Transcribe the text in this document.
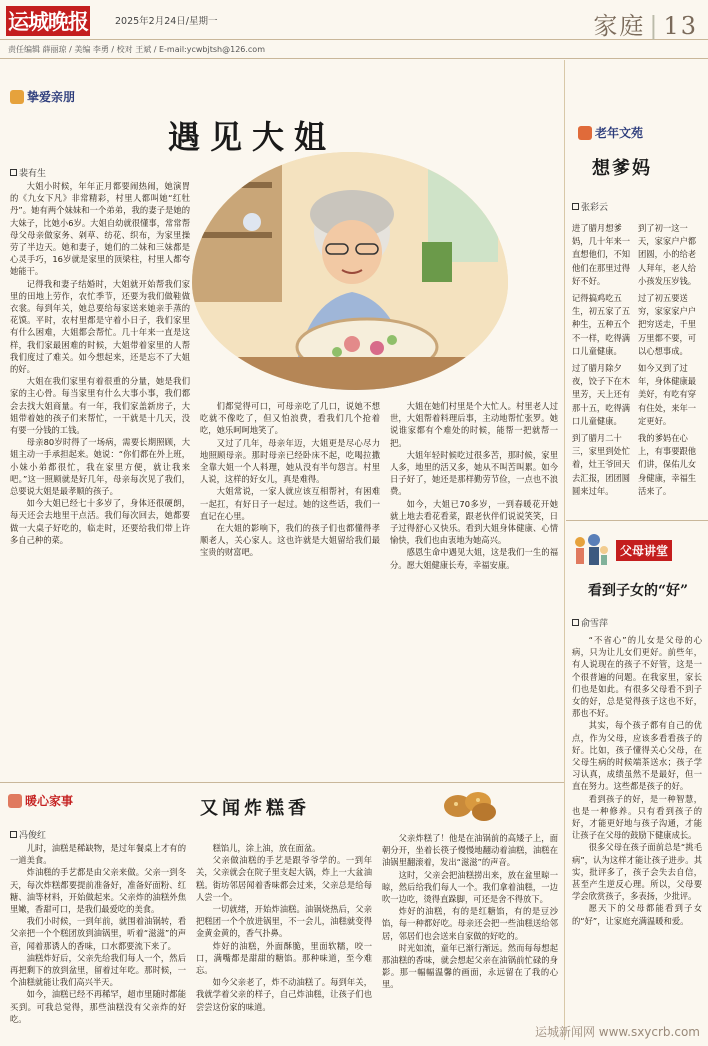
运城晚报	2025年2月24日/星期一	家庭 | 13
责任编辑 薛丽琼 / 美编 李勇 / 校对 王斌 / E-mail:ycwbjtsh@126.com
挚爱亲朋
遇见大姐
裴有生

大姐小时候，年年正月都要闹热闹，她演胃的《九女下凡》非常精彩，村里人都叫她“红牡丹”。她有两个妹妹和一个弟弟，我的妻子是她的大妹子，比她小6岁。大姐自幼就很懂事，常常帮母父母亲做家务、剁草、纺花、织布，为家里操劳了半边天。她和妻子，她们的二妹和三妹都是心灵手巧，16岁就是家里的顶梁柱，村里人都夸她能干。

记得我和妻子结婚时，大姐就开始帮我们家里的田地上劳作，农忙季节，还要为我们做鞋做衣裳。每到年关，她总要给每家送来她亲手蒸的花馍。平时，农村里都是守着小日子，我们家里有什么困难，大姐都会帮忙。几十年来一直是这样，我们家最困难的时候，大姐带着家里的人帮我们度过了难关。如今想起来，还是忘不了大姐的好。

大姐在我们家里有着很重的分量，她是我们家的主心骨。每当家里有什么大事小事，我们都会去找大姐商量。有一年，我们家盖新房子，大姐带着她的孩子们来帮忙，一干就是十几天，没有要一分钱的工钱。

母亲80岁时得了一场病，需要长期照顾，大姐主动一手承担起来。她说：“你们都在外上班，小妹小弟都很忙，我在家里方便，就让我来吧。”这一照顾就是好几年，母亲每次见了我们，总要说大姐是最孝顺的孩子。

如今大姐已经七十多岁了，身体还很硬朗，每天还会去地里干点活。我们每次回去，她都要做一大桌子好吃的，临走时，还要给我们带上许多自己种的菜。

们都觉得可口，可母亲吃了几口，说她不想吃就不像吃了，但又怕浪费，看我们几个抢着吃，她乐呵呵地笑了。

又过了几年，母亲年迈，大姐更是尽心尽力地照顾母亲。那时母亲已经卧床不起，吃喝拉撒全靠大姐一个人料理，她从没有半句怨言。村里人说，这样的好女儿，真是难得。

大姐常说，一家人就应该互相帮衬，有困难一起扛，有好日子一起过。她的这些话，我们一直记在心里。

在大姐的影响下，我们的孩子们也都懂得孝顺老人，关心家人。这也许就是大姐留给我们最宝贵的财富吧。

大姐在她们村里是个大忙人。村里老人过世，大姐帮着料理后事，主动地帮忙张罗。她说谁家都有个难处的时候，能帮一把就帮一把。

大姐年轻时候吃过很多苦，那时候，家里人多，地里的活又多，她从不叫苦叫累。如今日子好了，她还是那样勤劳节俭，一点也不浪费。

如今，大姐已70多岁，一到春暖花开她就上地去看花看菜，跟老伙伴们说说笑笑，日子过得舒心又快乐。看到大姐身体健康、心情愉快，我们也由衷地为她高兴。

感恩生命中遇见大姐，这是我们一生的福分。愿大姐健康长寿，幸福安康。

老年文苑
想爹妈
张彩云

进了腊月想爹妈，几十年来一直想他们，不知他们在那里过得好不好。

记得搞鸡吃五生，初五家了五种生，五种五个不一样，吃得满口儿童健康。

过了腊月除夕夜，饺子下在木里芳，天上还有那十五，吃得满口儿童健康。

到了腊月二十三，家里到处忙着，灶王爷回天去汇报，团团圆圆来过年。

到了初一这一天，家家户户都团圆，小的给老人拜年，老人给小孩发压岁钱。

过了初五要送穷，家家家户户把穷送走，千里万里都不要，可以心想事成。

如今又到了过年，身体健康最美好，有吃有穿有住处，来年一定更好。

我的爹妈在心上，有事要跟他们讲，保佑儿女身健康，幸福生活来了。

父母讲堂
看到子女的“好”
俞雪萍

“不省心”的儿女是父母的心病，只为让儿女们更好。前些年，有人说现在的孩子不好管，这是一个很普遍的问题。在我家里，家长们也是如此。有很多父母看不到子女的好，总是觉得孩子这也不好，那也不好。

其实，每个孩子都有自己的优点，作为父母，应该多看看孩子的好。比如，孩子懂得关心父母，在父母生病的时候端茶送水；孩子学习认真，成绩虽然不是最好，但一直在努力。这些都是孩子的好。

看到孩子的好，是一种智慧，也是一种修养。只有看到孩子的好，才能更好地与孩子沟通，才能让孩子在父母的鼓励下健康成长。

很多父母在孩子面前总是“挑毛病”，认为这样才能让孩子进步。其实，批评多了，孩子会失去自信，甚至产生逆反心理。所以，父母要学会欣赏孩子，多表扬，少批评。

愿天下的父母都能看到子女的“好”，让家庭充满温暖和爱。

暖心家事	又闻炸糕香
冯俊红

儿时，油糕是稀缺物，是过年餐桌上才有的一道美食。

炸油糕的手艺都是由父亲来做。父亲一到冬天，每次炸糕都要提前准备好，准备好面粉、红糖、油等材料，开始做起来。父亲炸的油糕外焦里嫩，香甜可口，是我们最爱吃的美食。

我们小时候，一到年前，就围着油锅转，看父亲把一个个糕团放到油锅里，听着“滋滋”的声音，闻着那诱人的香味，口水都要流下来了。

油糕炸好后，父亲先给我们每人一个，然后再把剩下的放到盆里，留着过年吃。那时候，一个油糕就能让我们高兴半天。

如今，油糕已经不再稀罕，超市里随时都能买到。可我总觉得，那些油糕没有父亲炸的好吃。

糕馅儿，涂上油，放在面盆。

父亲做油糕的手艺是跟爷爷学的。一到年关，父亲就会在院子里支起大锅，炸上一大盆油糕。街坊邻居闻着香味都会过来，父亲总是给每人尝一个。

一切就绪，开始炸油糕。油锅烧热后，父亲把糕团一个个放进锅里，不一会儿，油糕就变得金黄金黄的，香气扑鼻。

炸好的油糕，外面酥脆，里面软糯，咬一口，满嘴都是甜甜的糖馅。那种味道，至今难忘。

如今父亲老了，炸不动油糕了。每到年关，我就学着父亲的样子，自己炸油糕，让孩子们也尝尝这份家的味道。

父亲炸糕了！他是在油锅前的高矮子上，面朝分开，坐着长筷子慢慢地翻动着油糕，油糕在油锅里翻滚着，发出“滋滋”的声音。

这时，父亲会把油糕捞出来，放在盆里晾一晾，然后给我们每人一个。我们拿着油糕，一边吹一边吃，烫得直跺脚，可还是舍不得放下。

炸好的油糕，有的是红糖馅，有的是豆沙馅，每一种都好吃。母亲还会把一些油糕送给邻居，邻居们也会送来自家做的好吃的。

时光如流，童年已渐行渐远。然而每每想起那油糕的香味，就会想起父亲在油锅前忙碌的身影。那一幅幅温馨的画面，永远留在了我的心里。

运城新闻网 www.sxycrb.com
